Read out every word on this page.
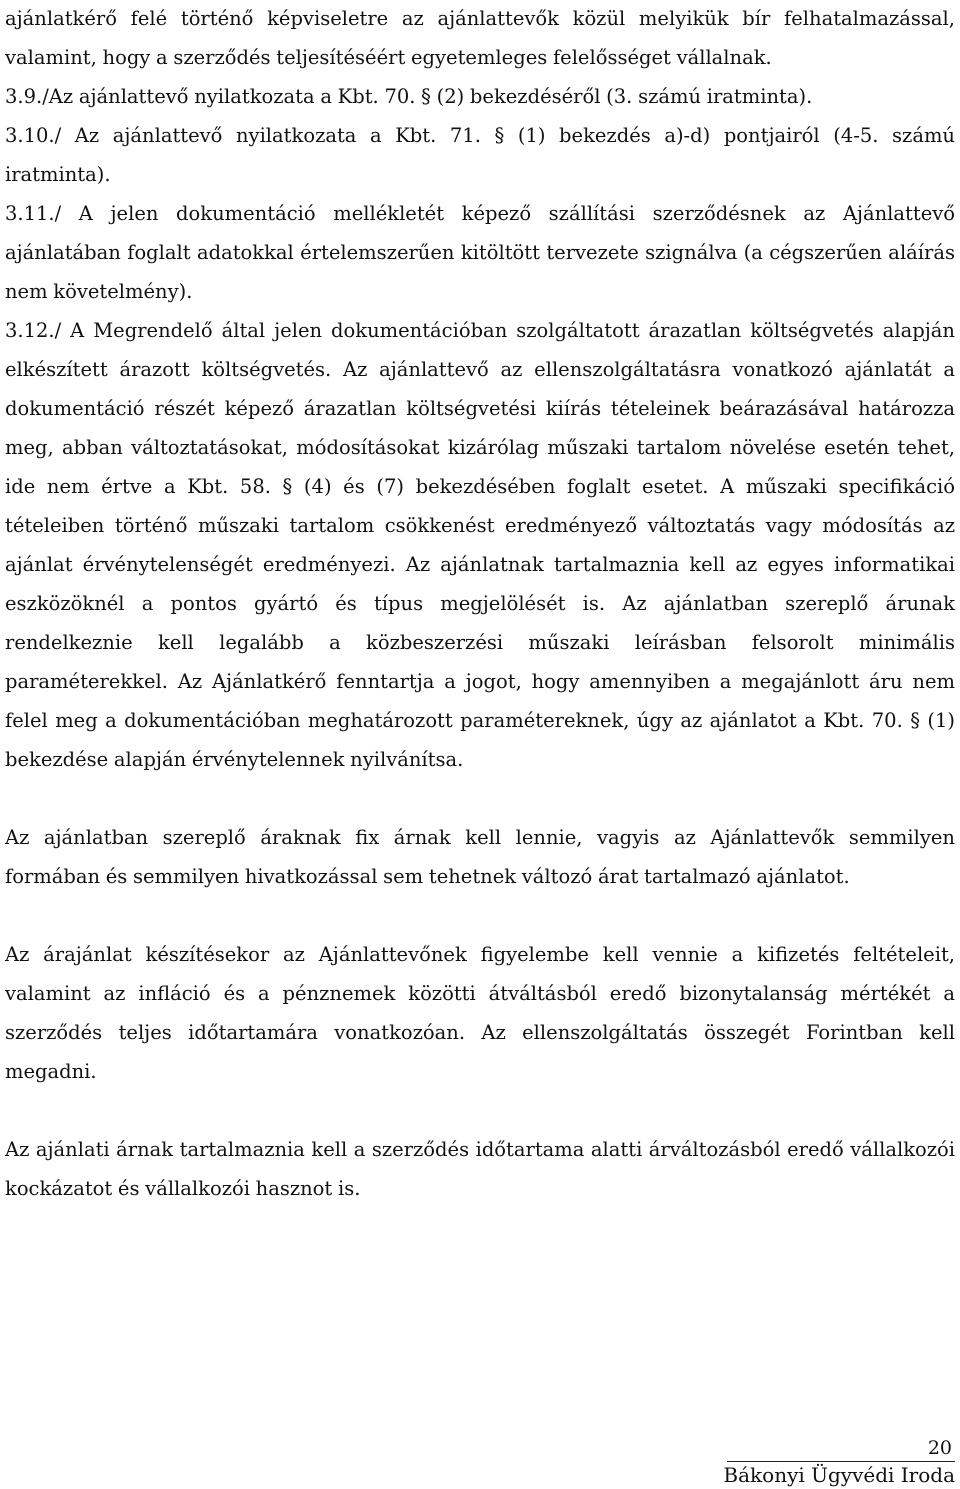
ajánlatkérő felé történő képviseletre az ajánlattevők közül melyikük bír felhatalmazással, valamint, hogy a szerződés teljesítéséért egyetemleges felelősséget vállalnak.

3.9./Az ajánlattevő nyilatkozata a Kbt. 70. § (2) bekezdéséről (3. számú iratminta).

3.10./ Az ajánlattevő nyilatkozata a Kbt. 71. § (1) bekezdés a)-d) pontjairól (4-5. számú iratminta).

3.11./ A jelen dokumentáció mellékletét képező szállítási szerződésnek az Ajánlattevő ajánlatában foglalt adatokkal értelemszerűen kitöltött tervezete szignálva (a cégszerűen aláírás nem követelmény).

3.12./ A Megrendelő által jelen dokumentációban szolgáltatott árazatlan költségvetés alapján elkészített árazott költségvetés. Az ajánlattevő az ellenszolgáltatásra vonatkozó ajánlatát a dokumentáció részét képező árazatlan költségvetési kiírás tételeinek beárazásával határozza meg, abban változtatásokat, módosításokat kizárólag műszaki tartalom növelése esetén tehet, ide nem értve a Kbt. 58. § (4) és (7) bekezdésében foglalt esetet. A műszaki specifikáció tételeiben történő műszaki tartalom csökkenést eredményező változtatás vagy módosítás az ajánlat érvénytelenségét eredményezi. Az ajánlatnak tartalmaznia kell az egyes informatikai eszközöknél a pontos gyártó és típus megjelölését is. Az ajánlatban szereplő árunak rendelkeznie kell legalább a közbeszerzési műszaki leírásban felsorolt minimális paraméterekkel. Az Ajánlatkérő fenntartja a jogot, hogy amennyiben a megajánlott áru nem felel meg a dokumentációban meghatározott paramétereknek, úgy az ajánlatot a Kbt. 70. § (1) bekezdése alapján érvénytelennek nyilvánítsa.

Az ajánlatban szereplő áraknak fix árnak kell lennie, vagyis az Ajánlattevők semmilyen formában és semmilyen hivatkozással sem tehetnek változó árat tartalmazó ajánlatot.

Az árajánlat készítésekor az Ajánlattevőnek figyelembe kell vennie a kifizetés feltételeit, valamint az infláció és a pénznemek közötti átváltásból eredő bizonytalanság mértékét a szerződés teljes időtartamára vonatkozóan. Az ellenszolgáltatás összegét Forintban kell megadni.

Az ajánlati árnak tartalmaznia kell a szerződés időtartama alatti árváltozásból eredő vállalkozói kockázatot és vállalkozói hasznot is.

20
Bákonyi Ügyvédi Iroda
